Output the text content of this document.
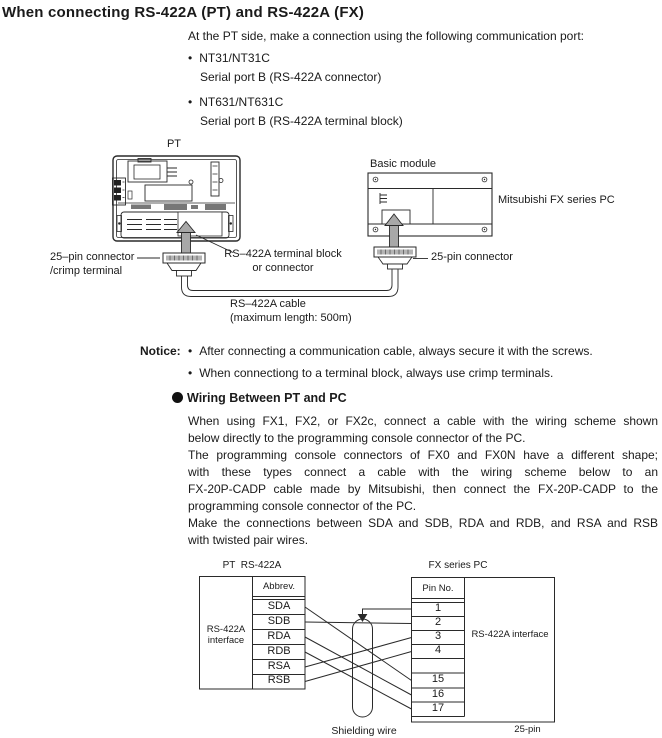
When connecting RS-422A (PT) and RS-422A (FX)
At the PT side, make a connection using the following communication port:
• NT31/NT31C
Serial port B (RS-422A connector)
• NT631/NT631C
Serial port B (RS-422A terminal block)
PT
Basic module
Mitsubishi FX series PC
25–pin connector
/crimp terminal
RS–422A terminal block
or connector
25-pin connector
RS–422A cable
(maximum length: 500m)
Notice: • After connecting a communication cable, always secure it with the screws.
• When connectiong to a terminal block, always use crimp terminals.
Wiring Between PT and PC
When using FX1, FX2, or FX2c, connect a cable with the wiring scheme shown
below directly to the programming console connector of the PC.
The programming console connectors of FX0 and FX0N have a different shape;
with these types connect a cable with the wiring scheme below to an
FX-20P-CADP cable made by Mitsubishi, then connect the FX-20P-CADP to the
programming console connector of the PC.
Make the connections between SDA and SDB, RDA and RDB, and RSA and RSB
with twisted pair wires.
PT  RS-422A	FX series PC
Abbrev.
RS-422A interface
SDA
SDB
RDA
RDB
RSA
RSB
Pin No.
1
2
3
4
15
16
17
RS-422A interface
25-pin
Shielding wire
